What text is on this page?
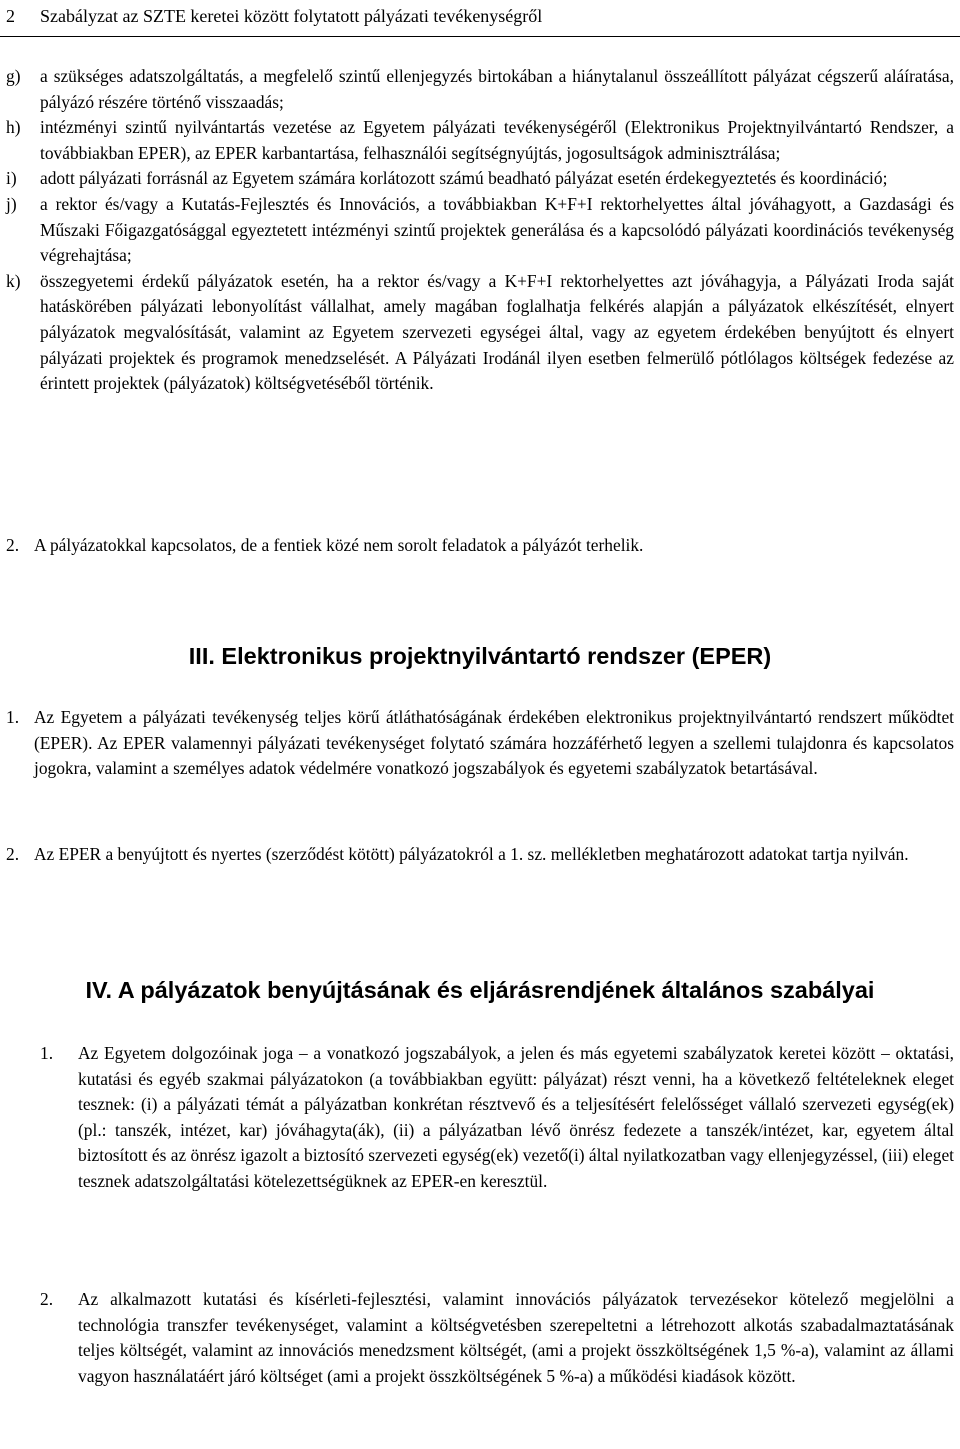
2 Szabályzat az SZTE keretei között folytatott pályázati tevékenységről
g) a szükséges adatszolgáltatás, a megfelelő szintű ellenjegyzés birtokában a hiánytalanul összeállított pályázat cégszerű aláíratása, pályázó részére történő visszaadás;
h) intézményi szintű nyilvántartás vezetése az Egyetem pályázati tevékenységéről (Elektronikus Projektnyilvántartó Rendszer, a továbbiakban EPER), az EPER karbantartása, felhasználói segítségnyújtás, jogosultságok adminisztrálása;
i) adott pályázati forrásnál az Egyetem számára korlátozott számú beadható pályázat esetén érdekegyeztetés és koordináció;
j) a rektor és/vagy a Kutatás-Fejlesztés és Innovációs, a továbbiakban K+F+I rektorhelyettes által jóváhagyott, a Gazdasági és Műszaki Főigazgatósággal egyeztetett intézményi szintű projektek generálása és a kapcsolódó pályázati koordinációs tevékenység végrehajtása;
k) összegyetemi érdekű pályázatok esetén, ha a rektor és/vagy a K+F+I rektorhelyettes azt jóváhagyja, a Pályázati Iroda saját hatáskörében pályázati lebonyolítást vállalhat, amely magában foglalhatja felkérés alapján a pályázatok elkészítését, elnyert pályázatok megvalósítását, valamint az Egyetem szervezeti egységei által, vagy az egyetem érdekében benyújtott és elnyert pályázati projektek és programok menedzselését. A Pályázati Irodánál ilyen esetben felmerülő pótlólagos költségek fedezése az érintett projektek (pályázatok) költségvetéséből történik.
2. A pályázatokkal kapcsolatos, de a fentiek közé nem sorolt feladatok a pályázót terhelik.
III. Elektronikus projektnyilvántartó rendszer (EPER)
1. Az Egyetem a pályázati tevékenység teljes körű átláthatóságának érdekében elektronikus projektnyilvántartó rendszert működtet (EPER). Az EPER valamennyi pályázati tevékenységet folytató számára hozzáférhető legyen a szellemi tulajdonra és kapcsolatos jogokra, valamint a személyes adatok védelmére vonatkozó jogszabályok és egyetemi szabályzatok betartásával.
2. Az EPER a benyújtott és nyertes (szerződést kötött) pályázatokról a 1. sz. mellékletben meghatározott adatokat tartja nyilván.
IV. A pályázatok benyújtásának és eljárásrendjének általános szabályai
1. Az Egyetem dolgozóinak joga – a vonatkozó jogszabályok, a jelen és más egyetemi szabályzatok keretei között – oktatási, kutatási és egyéb szakmai pályázatokon (a továbbiakban együtt: pályázat) részt venni, ha a következő feltételeknek eleget tesznek: (i) a pályázati témát a pályázatban konkrétan résztvevő és a teljesítésért felelősséget vállaló szervezeti egység(ek) (pl.: tanszék, intézet, kar) jóváhagyta(ák), (ii) a pályázatban lévő önrész fedezete a tanszék/intézet, kar, egyetem által biztosított és az önrész igazolt a biztosító szervezeti egység(ek) vezető(i) által nyilatkozatban vagy ellenjegyzéssel, (iii) eleget tesznek adatszolgáltatási kötelezettségüknek az EPER-en keresztül.
2. Az alkalmazott kutatási és kísérleti-fejlesztési, valamint innovációs pályázatok tervezésekor kötelező megjelölni a technológia transzfer tevékenységet, valamint a költségvetésben szerepeltetni a létrehozott alkotás szabadalmaztatásának teljes költségét, valamint az innovációs menedzsment költségét, (ami a projekt összköltségének 1,5 %-a), valamint az állami vagyon használatáért járó költséget (ami a projekt összköltségének 5 %-a) a működési kiadások között.
